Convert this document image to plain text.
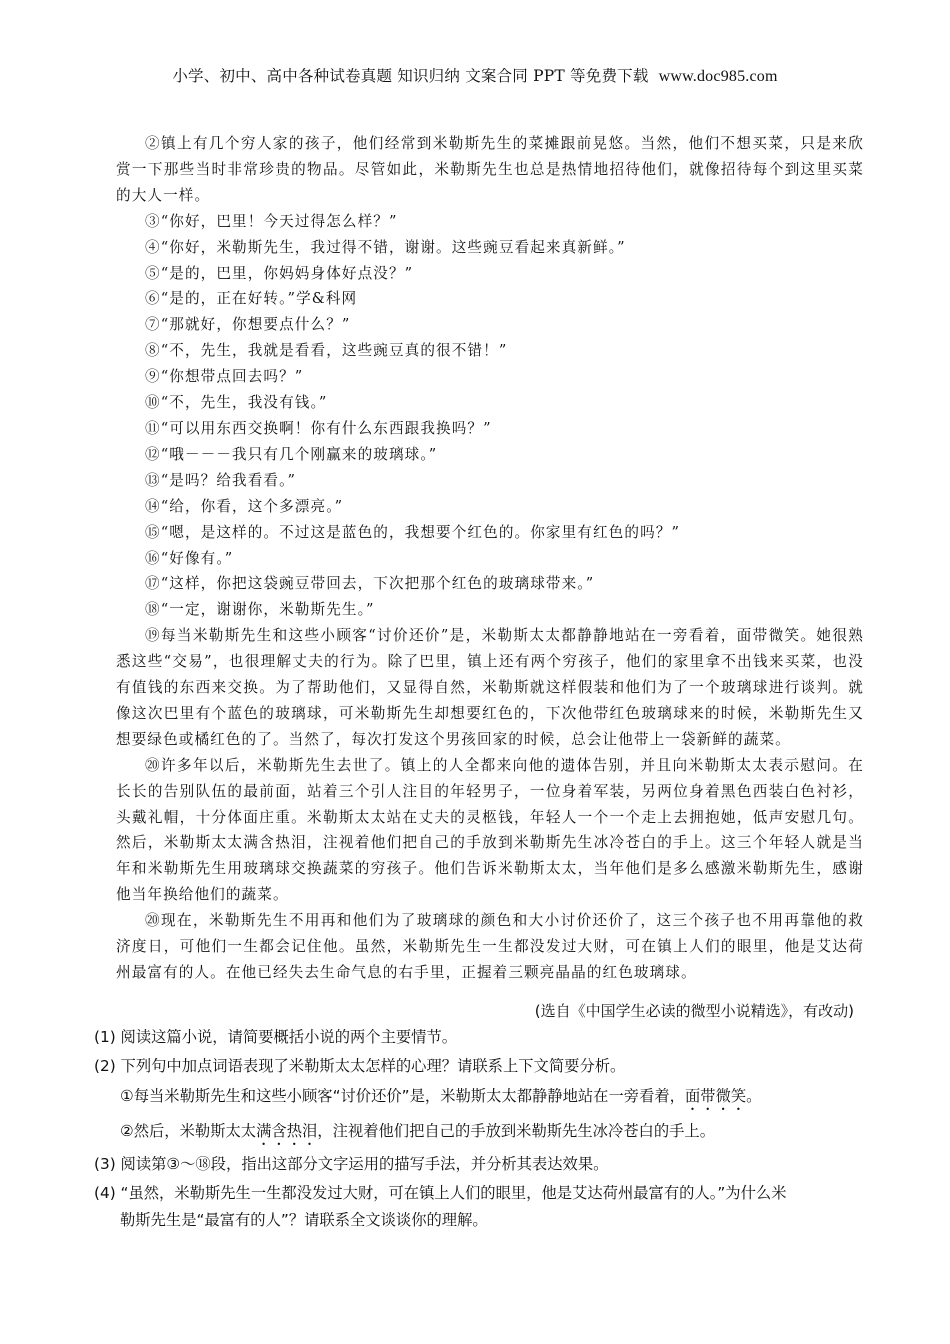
小学、初中、高中各种试卷真题 知识归纳 文案合同 PPT 等免费下载 www.doc985.com

②镇上有几个穷人家的孩子，他们经常到米勒斯先生的菜摊跟前晃悠。当然，他们不想买菜，只是来欣赏一下那些当时非常珍贵的物品。尽管如此，米勒斯先生也总是热情地招待他们，就像招待每个到这里买菜的大人一样。

③“你好，巴里！今天过得怎么样？”

④“你好，米勒斯先生，我过得不错，谢谢。这些豌豆看起来真新鲜。”

⑤“是的，巴里，你妈妈身体好点没？”

⑥“是的，正在好转。”学&科网

⑦“那就好，你想要点什么？”

⑧“不，先生，我就是看看，这些豌豆真的很不错！”

⑨“你想带点回去吗？”

⑩“不，先生，我没有钱。”

⑪“可以用东西交换啊！你有什么东西跟我换吗？”

⑫“哦－－－我只有几个刚赢来的玻璃球。”

⑬“是吗？给我看看。”

⑭“给，你看，这个多漂亮。”

⑮“嗯，是这样的。不过这是蓝色的，我想要个红色的。你家里有红色的吗？”

⑯“好像有。”

⑰“这样，你把这袋豌豆带回去，下次把那个红色的玻璃球带来。”

⑱“一定，谢谢你，米勒斯先生。”

⑲每当米勒斯先生和这些小顾客“讨价还价”是，米勒斯太太都静静地站在一旁看着，面带微笑。她很熟悉这些“交易”，也很理解丈夫的行为。除了巴里，镇上还有两个穷孩子，他们的家里拿不出钱来买菜，也没有值钱的东西来交换。为了帮助他们，又显得自然，米勒斯就这样假装和他们为了一个玻璃球进行谈判。就像这次巴里有个蓝色的玻璃球，可米勒斯先生却想要红色的，下次他带红色玻璃球来的时候，米勒斯先生又想要绿色或橘红色的了。当然了，每次打发这个男孩回家的时候，总会让他带上一袋新鲜的蔬菜。

⑳许多年以后，米勒斯先生去世了。镇上的人全都来向他的遗体告别，并且向米勒斯太太表示慰问。在长长的告别队伍的最前面，站着三个引人注目的年轻男子，一位身着军装，另两位身着黑色西装白色衬衫，头戴礼帽，十分体面庄重。米勒斯太太站在丈夫的灵柩钱，年轻人一个一个走上去拥抱她，低声安慰几句。然后，米勒斯太太满含热泪，注视着他们把自己的手放到米勒斯先生冰冷苍白的手上。这三个年轻人就是当年和米勒斯先生用玻璃球交换蔬菜的穷孩子。他们告诉米勒斯太太，当年他们是多么感激米勒斯先生，感谢他当年换给他们的蔬菜。

⑳现在，米勒斯先生不用再和他们为了玻璃球的颜色和大小讨价还价了，这三个孩子也不用再靠他的救济度日，可他们一生都会记住他。虽然，米勒斯先生一生都没发过大财，可在镇上人们的眼里，他是艾达荷州最富有的人。在他已经失去生命气息的右手里，正握着三颗亮晶晶的红色玻璃球。

(选自《中国学生必读的微型小说精选》，有改动)
(1) 阅读这篇小说，请简要概括小说的两个主要情节。
(2) 下列句中加点词语表现了米勒斯太太怎样的心理？请联系上下文简要分析。
①每当米勒斯先生和这些小顾客“讨价还价”是，米勒斯太太都静静地站在一旁看着，面带微笑。
②然后，米勒斯太太满含热泪，注视着他们把自己的手放到米勒斯先生冰冷苍白的手上。
(3) 阅读第③～⑱段，指出这部分文字运用的描写手法，并分析其表达效果。
(4) “虽然，米勒斯先生一生都没发过大财，可在镇上人们的眼里，他是艾达荷州最富有的人。”为什么米
勒斯先生是“最富有的人”？请联系全文谈谈你的理解。
